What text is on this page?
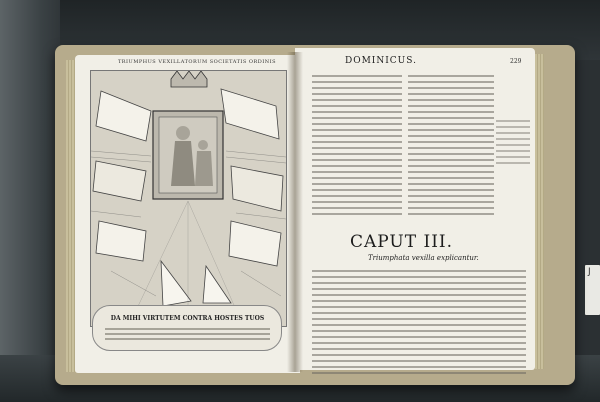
J
TRIUMPHUS VEXILLATORUM SOCIETATIS ORDINIS
DA MIHI VIRTUTEM CONTRA HOSTES TUOS
DOMINICUS.	229
CAPUT III.
Triumphata vexilla explicantur.
